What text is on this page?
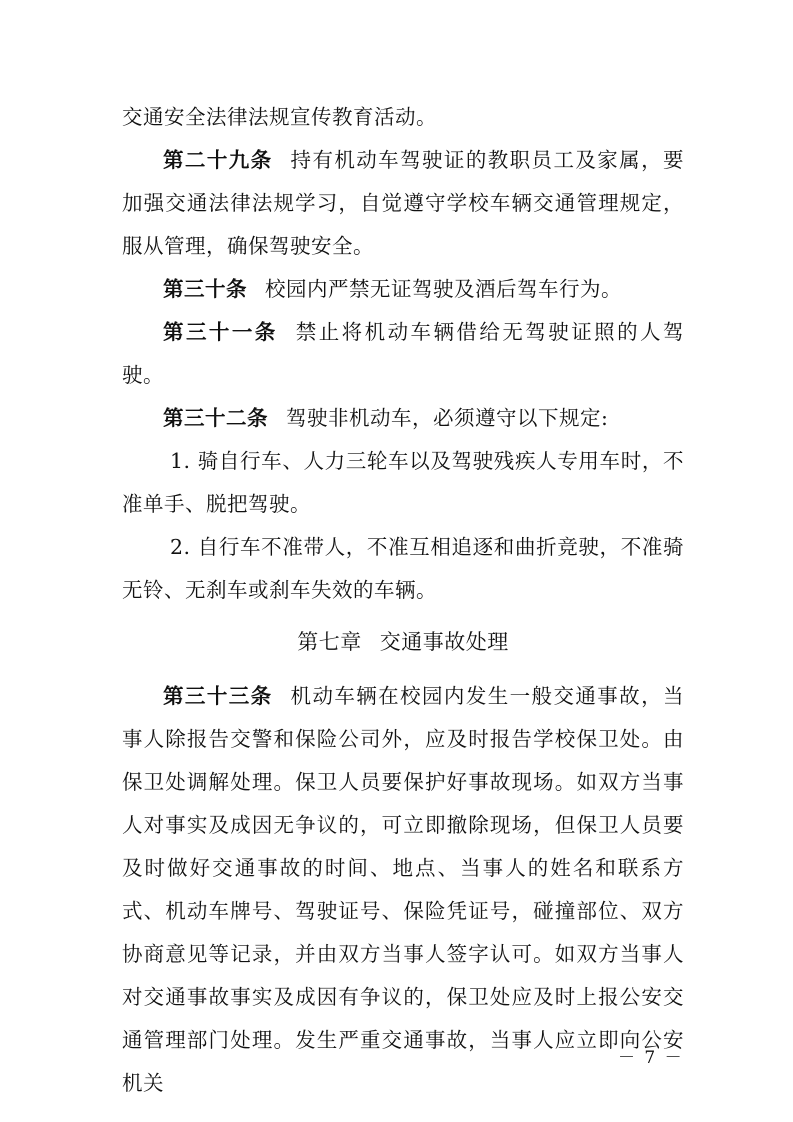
交通安全法律法规宣传教育活动。

第二十九条 持有机动车驾驶证的教职员工及家属，要加强交通法律法规学习，自觉遵守学校车辆交通管理规定，服从管理，确保驾驶安全。

第三十条 校园内严禁无证驾驶及酒后驾车行为。

第三十一条 禁止将机动车辆借给无驾驶证照的人驾驶。

第三十二条 驾驶非机动车，必须遵守以下规定:

1. 骑自行车、人力三轮车以及驾驶残疾人专用车时，不准单手、脱把驾驶。

2. 自行车不准带人，不准互相追逐和曲折竞驶，不准骑无铃、无刹车或刹车失效的车辆。

第七章 交通事故处理

第三十三条 机动车辆在校园内发生一般交通事故，当事人除报告交警和保险公司外，应及时报告学校保卫处。由保卫处调解处理。保卫人员要保护好事故现场。如双方当事人对事实及成因无争议的，可立即撤除现场，但保卫人员要及时做好交通事故的时间、地点、当事人的姓名和联系方式、机动车牌号、驾驶证号、保险凭证号，碰撞部位、双方协商意见等记录，并由双方当事人签字认可。如双方当事人对交通事故事实及成因有争议的，保卫处应及时上报公安交通管理部门处理。发生严重交通事故，当事人应立即向公安机关

－ 7 －
